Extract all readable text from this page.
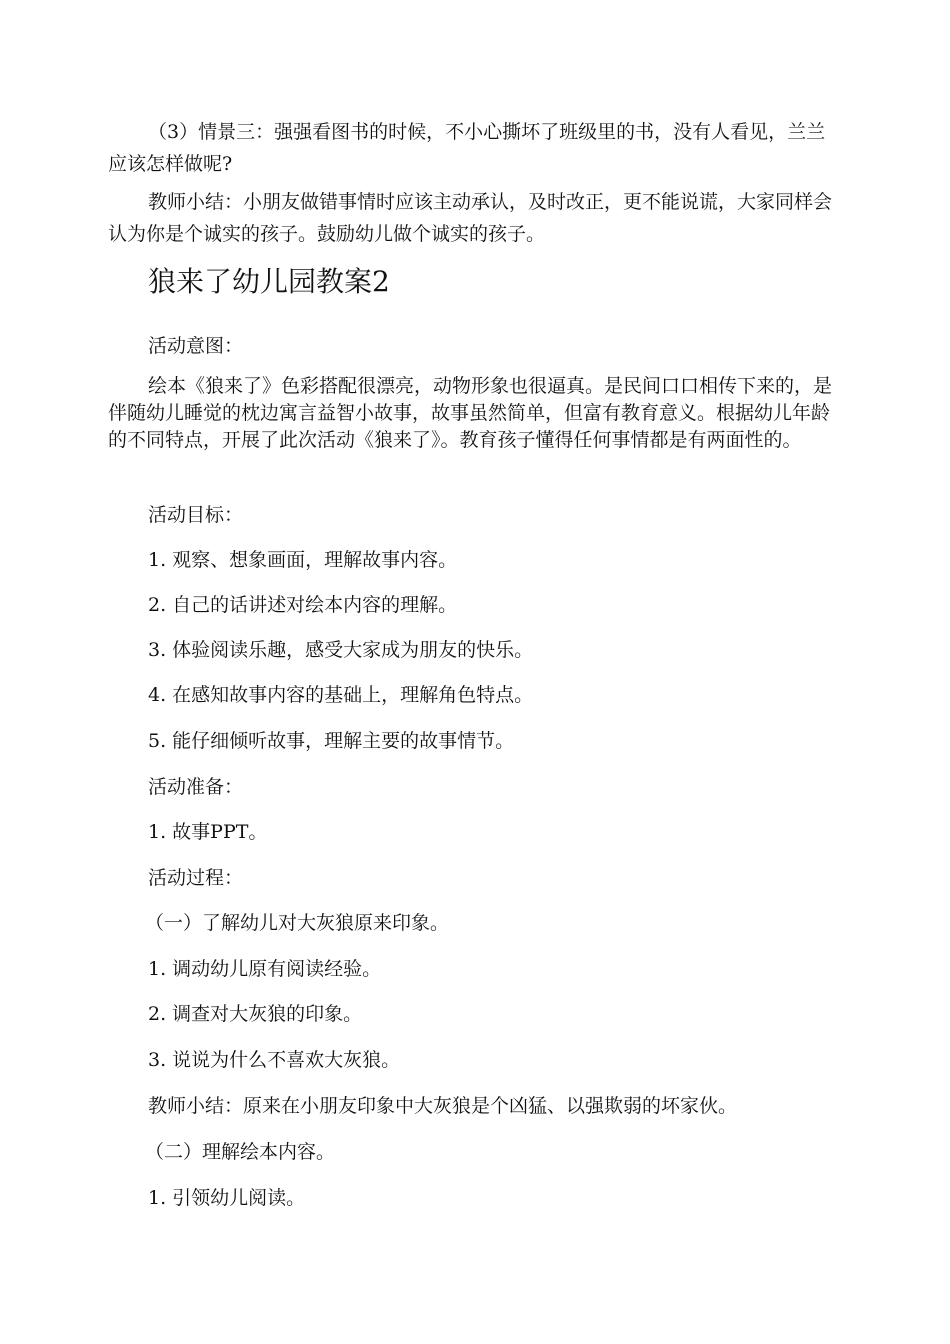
（3）情景三：强强看图书的时候，不小心撕坏了班级里的书，没有人看见，兰兰应该怎样做呢?

教师小结：小朋友做错事情时应该主动承认，及时改正，更不能说谎，大家同样会认为你是个诚实的孩子。鼓励幼儿做个诚实的孩子。

狼来了幼儿园教案2

活动意图：

绘本《狼来了》色彩搭配很漂亮，动物形象也很逼真。是民间口口相传下来的，是伴随幼儿睡觉的枕边寓言益智小故事，故事虽然简单，但富有教育意义。根据幼儿年龄的不同特点，开展了此次活动《狼来了》。教育孩子懂得任何事情都是有两面性的。

活动目标：

1. 观察、想象画面，理解故事内容。

2. 自己的话讲述对绘本内容的理解。

3. 体验阅读乐趣，感受大家成为朋友的快乐。

4. 在感知故事内容的基础上，理解角色特点。

5. 能仔细倾听故事，理解主要的故事情节。

活动准备：

1. 故事PPT。

活动过程：

（一）了解幼儿对大灰狼原来印象。

1. 调动幼儿原有阅读经验。

2. 调查对大灰狼的印象。

3. 说说为什么不喜欢大灰狼。

教师小结：原来在小朋友印象中大灰狼是个凶猛、以强欺弱的坏家伙。

（二）理解绘本内容。

1. 引领幼儿阅读。
